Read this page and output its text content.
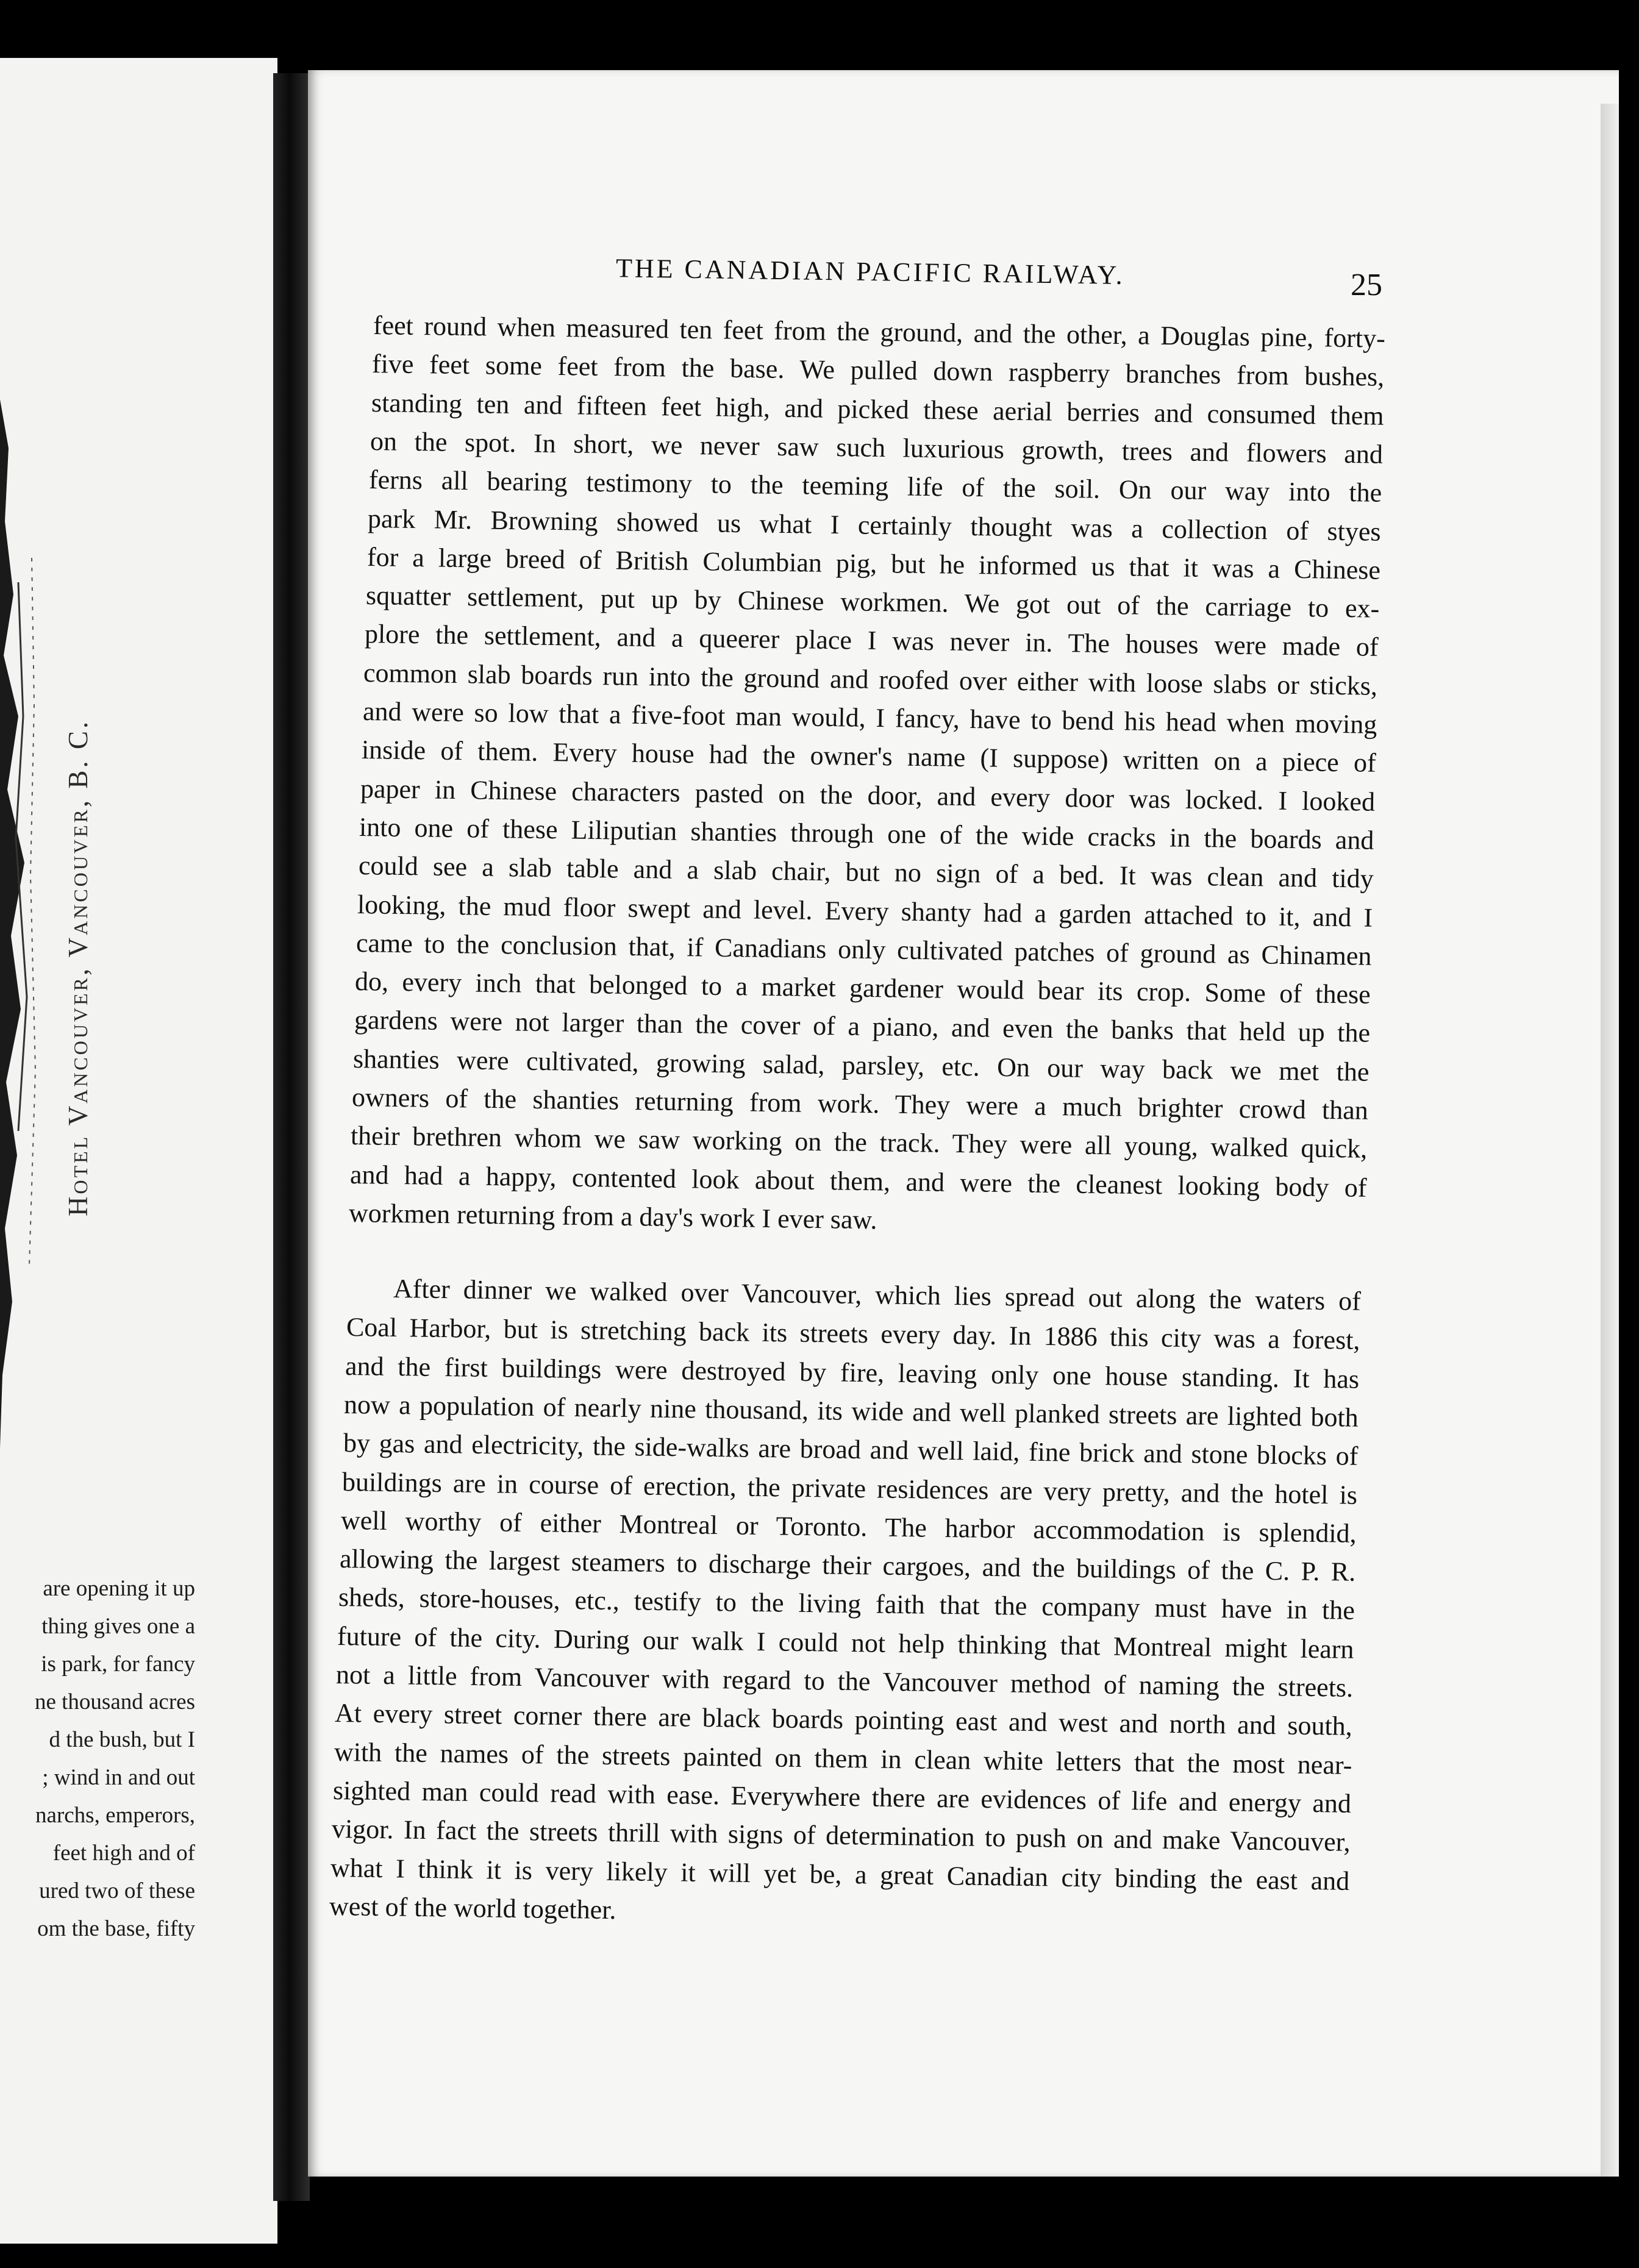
Hotel Vancouver, Vancouver, B. C.
are opening it up
thing gives one a
is park, for fancy
ne thousand acres
d the bush, but I
; wind in and out
narchs, emperors,
feet high and of
ured two of these
om the base, fifty
THE CANADIAN PACIFIC RAILWAY.	25
feet round when measured ten feet from the ground, and the other, a Douglas pine, forty-
five feet some feet from the base. We pulled down raspberry branches from bushes,
standing ten and fifteen feet high, and picked these aerial berries and consumed them
on the spot. In short, we never saw such luxurious growth, trees and flowers and
ferns all bearing testimony to the teeming life of the soil. On our way into the
park Mr. Browning showed us what I certainly thought was a collection of styes
for a large breed of British Columbian pig, but he informed us that it was a Chinese
squatter settlement, put up by Chinese workmen. We got out of the carriage to ex-
plore the settlement, and a queerer place I was never in. The houses were made of
common slab boards run into the ground and roofed over either with loose slabs or sticks,
and were so low that a five-foot man would, I fancy, have to bend his head when moving
inside of them. Every house had the owner's name (I suppose) written on a piece of
paper in Chinese characters pasted on the door, and every door was locked. I looked
into one of these Liliputian shanties through one of the wide cracks in the boards and
could see a slab table and a slab chair, but no sign of a bed. It was clean and tidy
looking, the mud floor swept and level. Every shanty had a garden attached to it, and I
came to the conclusion that, if Canadians only cultivated patches of ground as Chinamen
do, every inch that belonged to a market gardener would bear its crop. Some of these
gardens were not larger than the cover of a piano, and even the banks that held up the
shanties were cultivated, growing salad, parsley, etc. On our way back we met the
owners of the shanties returning from work. They were a much brighter crowd than
their brethren whom we saw working on the track. They were all young, walked quick,
and had a happy, contented look about them, and were the cleanest looking body of
workmen returning from a day's work I ever saw.
After dinner we walked over Vancouver, which lies spread out along the waters of
Coal Harbor, but is stretching back its streets every day. In 1886 this city was a forest,
and the first buildings were destroyed by fire, leaving only one house standing. It has
now a population of nearly nine thousand, its wide and well planked streets are lighted both
by gas and electricity, the side-walks are broad and well laid, fine brick and stone blocks of
buildings are in course of erection, the private residences are very pretty, and the hotel is
well worthy of either Montreal or Toronto. The harbor accommodation is splendid,
allowing the largest steamers to discharge their cargoes, and the buildings of the C. P. R.
sheds, store-houses, etc., testify to the living faith that the company must have in the
future of the city. During our walk I could not help thinking that Montreal might learn
not a little from Vancouver with regard to the Vancouver method of naming the streets.
At every street corner there are black boards pointing east and west and north and south,
with the names of the streets painted on them in clean white letters that the most near-
sighted man could read with ease. Everywhere there are evidences of life and energy and
vigor. In fact the streets thrill with signs of determination to push on and make Vancouver,
what I think it is very likely it will yet be, a great Canadian city binding the east and
west of the world together.
